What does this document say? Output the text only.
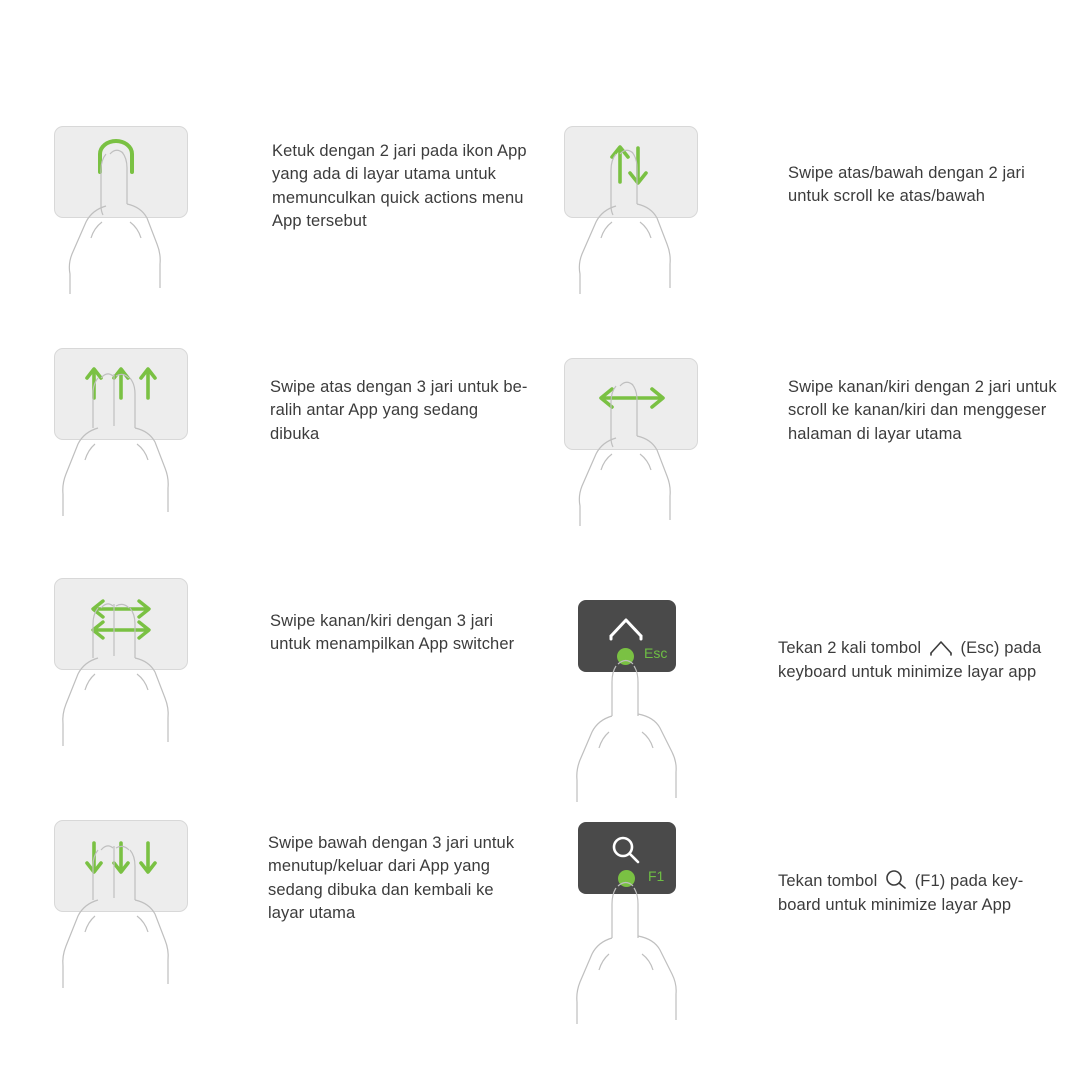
Ketuk dengan 2 jari pada ikon App yang ada di layar utama untuk memunculkan quick actions menu App tersebut
Swipe atas/bawah dengan 2 jari untuk scroll ke atas/bawah
Swipe atas dengan 3 jari untuk be-ralih antar App yang sedang dibuka
Swipe kanan/kiri dengan 2 jari untuk scroll ke kanan/kiri dan menggeser halaman di layar utama
Swipe kanan/kiri dengan 3 jari untuk menampilkan App switcher	Esc	Tekan 2 kali tombol  (Esc) pada keyboard untuk minimize layar app

Swipe bawah dengan 3 jari untuk menutup/keluar dari App yang sedang dibuka dan kembali ke layar utama
F1	Tekan tombol  (F1) pada key-board untuk minimize layar App
